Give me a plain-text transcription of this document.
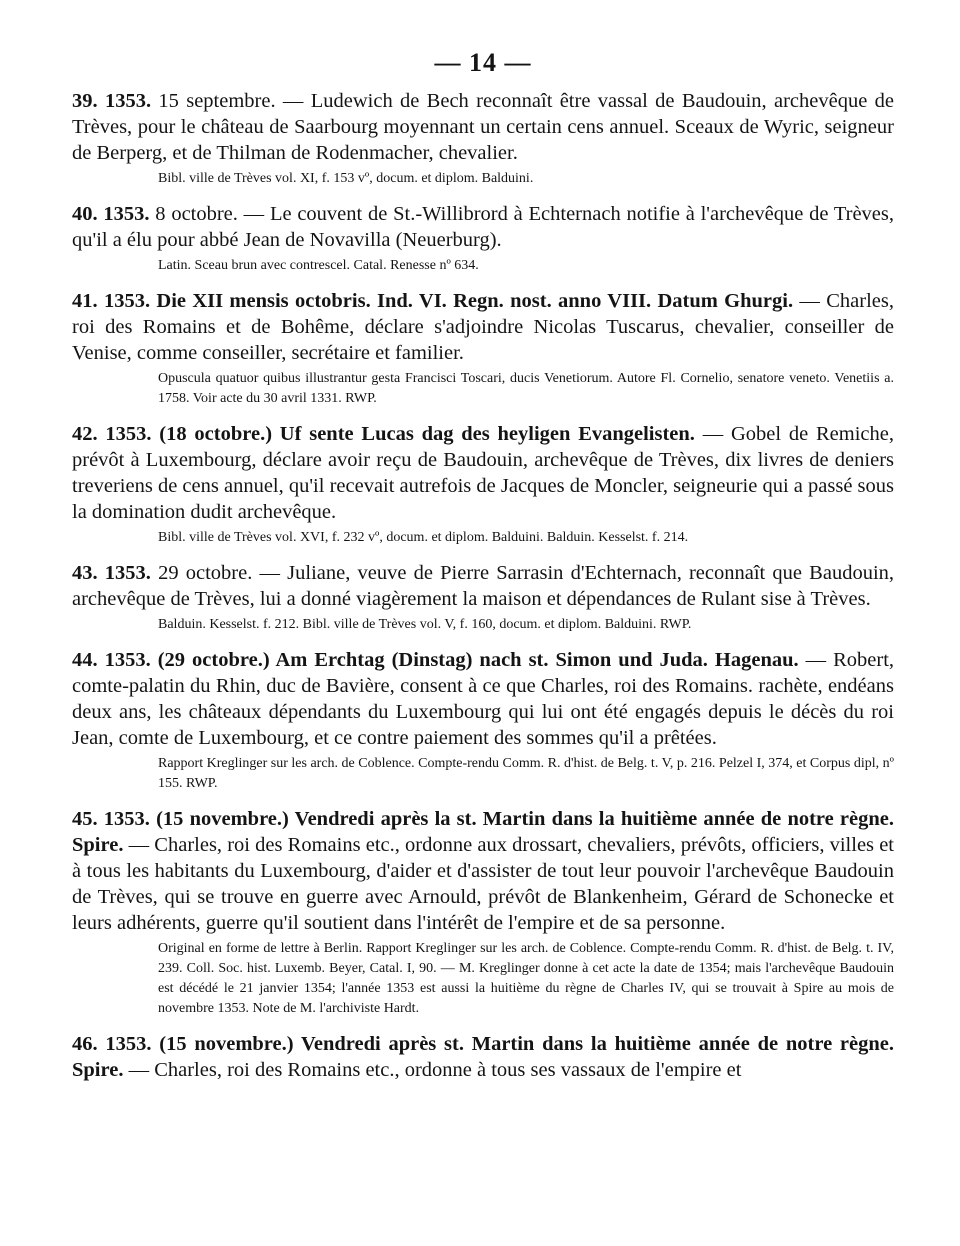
— 14 —
39. 1353. 15 septembre. — Ludewich de Bech reconnaît être vassal de Baudouin, archevêque de Trèves, pour le château de Saarbourg moyennant un certain cens annuel. Sceaux de Wyric, seigneur de Berperg, et de Thilman de Rodenmacher, chevalier.
Bibl. ville de Trèves vol. XI, f. 153 vº, docum. et diplom. Balduini.
40. 1353. 8 octobre. — Le couvent de St.-Willibrord à Echternach notifie à l'archevêque de Trèves, qu'il a élu pour abbé Jean de Novavilla (Neuerburg).
Latin. Sceau brun avec contrescel. Catal. Renesse nº 634.
41. 1353. Die XII mensis octobris. Ind. VI. Regn. nost. anno VIII. Datum Ghurgi. — Charles, roi des Romains et de Bohême, déclare s'adjoindre Nicolas Tuscarus, chevalier, conseiller de Venise, comme conseiller, secrétaire et familier.
Opuscula quatuor quibus illustrantur gesta Francisci Toscari, ducis Venetiorum. Autore Fl. Cornelio, senatore veneto. Venetiis a. 1758. Voir acte du 30 avril 1331. RWP.
42. 1353. (18 octobre.) Uf sente Lucas dag des heyligen Evangelisten. — Gobel de Remiche, prévôt à Luxembourg, déclare avoir reçu de Baudouin, archevêque de Trèves, dix livres de deniers treveriens de cens annuel, qu'il recevait autrefois de Jacques de Moncler, seigneurie qui a passé sous la domination dudit archevêque.
Bibl. ville de Trèves vol. XVI, f. 232 vº, docum. et diplom. Balduini. Balduin. Kesselst. f. 214.
43. 1353. 29 octobre. — Juliane, veuve de Pierre Sarrasin d'Echternach, reconnaît que Baudouin, archevêque de Trèves, lui a donné viagèrement la maison et dépendances de Rulant sise à Trèves.
Balduin. Kesselst. f. 212. Bibl. ville de Trèves vol. V, f. 160, docum. et diplom. Balduini. RWP.
44. 1353. (29 octobre.) Am Erchtag (Dinstag) nach st. Simon und Juda. Hagenau. — Robert, comte-palatin du Rhin, duc de Bavière, consent à ce que Charles, roi des Romains. rachète, endéans deux ans, les châteaux dépendants du Luxembourg qui lui ont été engagés depuis le décès du roi Jean, comte de Luxembourg, et ce contre paiement des sommes qu'il a prêtées.
Rapport Kreglinger sur les arch. de Coblence. Compte-rendu Comm. R. d'hist. de Belg. t. V, p. 216. Pelzel I, 374, et Corpus dipl, nº 155. RWP.
45. 1353. (15 novembre.) Vendredi après la st. Martin dans la huitième année de notre règne. Spire. — Charles, roi des Romains etc., ordonne aux drossart, chevaliers, prévôts, officiers, villes et à tous les habitants du Luxembourg, d'aider et d'assister de tout leur pouvoir l'archevêque Baudouin de Trèves, qui se trouve en guerre avec Arnould, prévôt de Blankenheim, Gérard de Schonecke et leurs adhérents, guerre qu'il soutient dans l'intérêt de l'empire et de sa personne.
Original en forme de lettre à Berlin. Rapport Kreglinger sur les arch. de Coblence. Compte-rendu Comm. R. d'hist. de Belg. t. IV, 239. Coll. Soc. hist. Luxemb. Beyer, Catal. I, 90. — M. Kreglinger donne à cet acte la date de 1354; mais l'archevêque Baudouin est décédé le 21 janvier 1354; l'année 1353 est aussi la huitième du règne de Charles IV, qui se trouvait à Spire au mois de novembre 1353. Note de M. l'archiviste Hardt.
46. 1353. (15 novembre.) Vendredi après st. Martin dans la huitième année de notre règne. Spire. — Charles, roi des Romains etc., ordonne à tous ses vassaux de l'empire et
